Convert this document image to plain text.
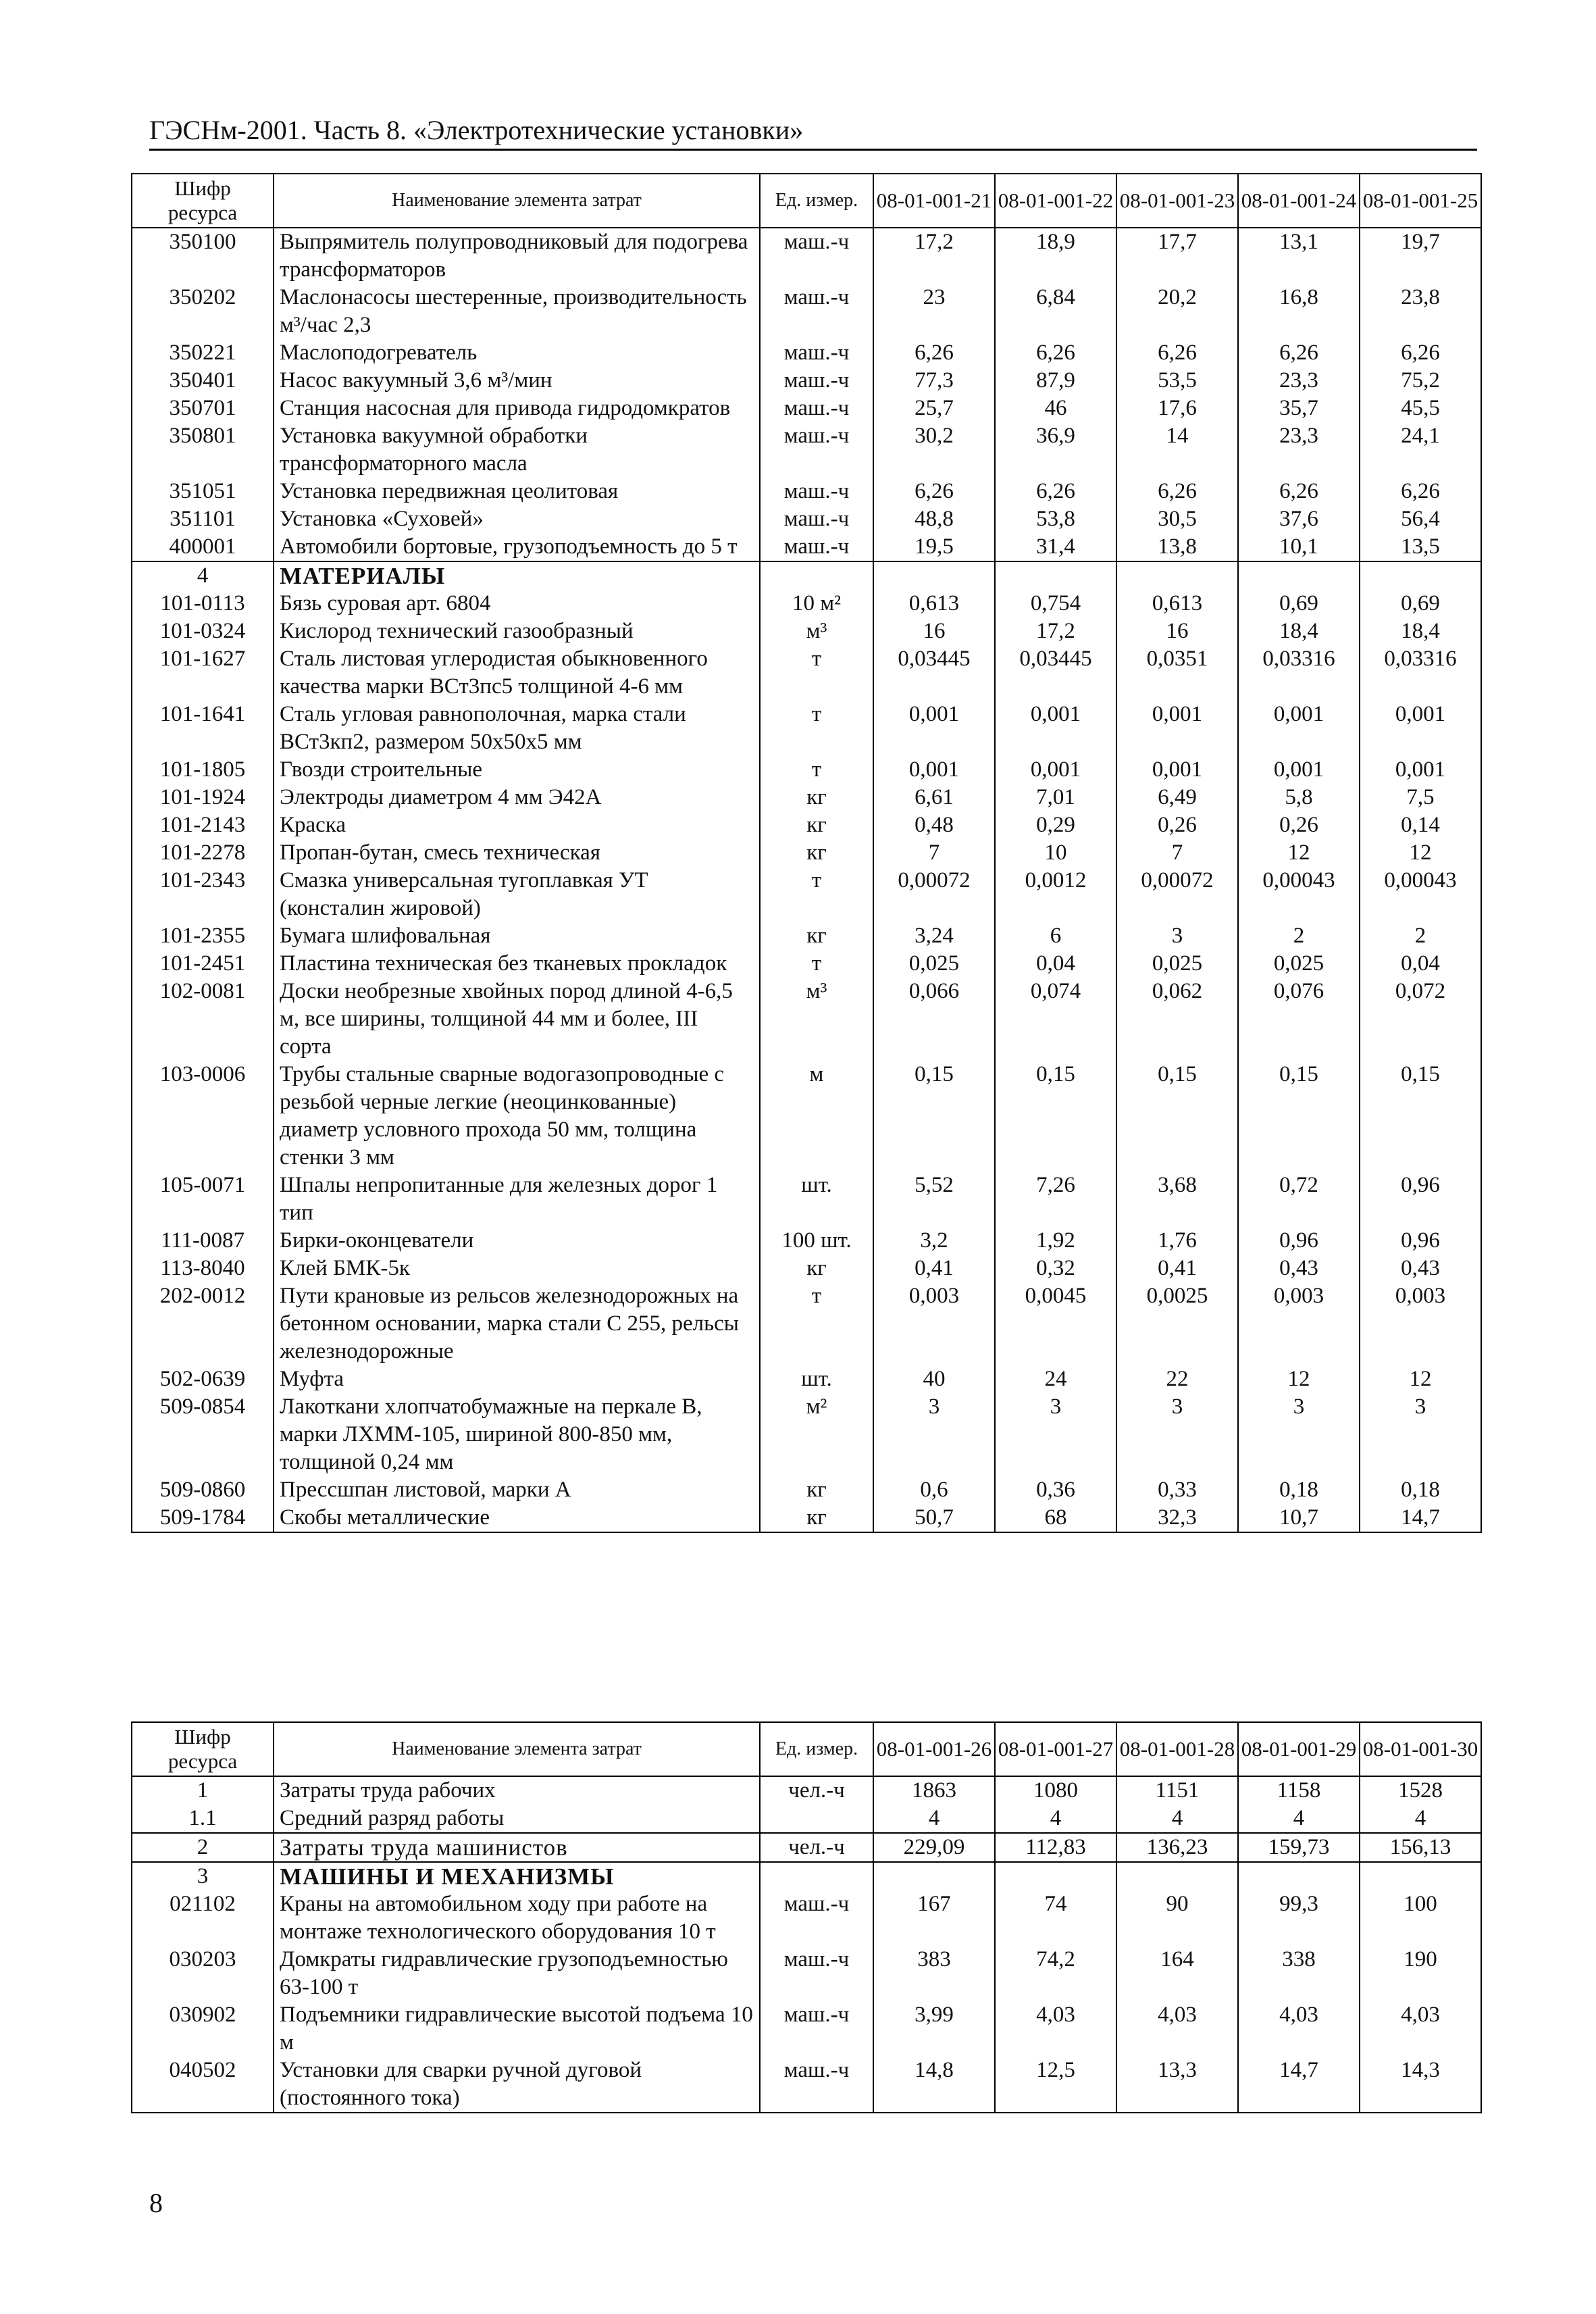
ГЭСНм-2001. Часть 8. «Электротехнические установки»
Шифр ресурса	Наименование элемента затрат	Ед. измер.	08-01-001-21	08-01-001-22	08-01-001-23	08-01-001-24	08-01-001-25
350100	Выпрямитель полупроводниковый для подогрева трансформаторов	маш.-ч	17,2	18,9	17,7	13,1	19,7
350202	Маслонасосы шестеренные, производительность м³/час 2,3	маш.-ч	23	6,84	20,2	16,8	23,8
350221	Маслоподогреватель	маш.-ч	6,26	6,26	6,26	6,26	6,26
350401	Насос вакуумный 3,6 м³/мин	маш.-ч	77,3	87,9	53,5	23,3	75,2
350701	Станция насосная для привода гидродомкратов	маш.-ч	25,7	46	17,6	35,7	45,5
350801	Установка вакуумной обработки трансформаторного масла	маш.-ч	30,2	36,9	14	23,3	24,1
351051	Установка передвижная цеолитовая	маш.-ч	6,26	6,26	6,26	6,26	6,26
351101	Установка «Суховей»	маш.-ч	48,8	53,8	30,5	37,6	56,4
400001	Автомобили бортовые, грузоподъемность до 5 т	маш.-ч	19,5	31,4	13,8	10,1	13,5
4	МАТЕРИАЛЫ						
101-0113	Бязь суровая арт. 6804	10 м²	0,613	0,754	0,613	0,69	0,69
101-0324	Кислород технический газообразный	м³	16	17,2	16	18,4	18,4
101-1627	Сталь листовая углеродистая обыкновенного качества марки ВСт3пс5 толщиной 4-6 мм	т	0,03445	0,03445	0,0351	0,03316	0,03316
101-1641	Сталь угловая равнополочная, марка стали ВСт3кп2, размером 50x50x5 мм	т	0,001	0,001	0,001	0,001	0,001
101-1805	Гвозди строительные	т	0,001	0,001	0,001	0,001	0,001
101-1924	Электроды диаметром 4 мм Э42А	кг	6,61	7,01	6,49	5,8	7,5
101-2143	Краска	кг	0,48	0,29	0,26	0,26	0,14
101-2278	Пропан-бутан, смесь техническая	кг	7	10	7	12	12
101-2343	Смазка универсальная тугоплавкая УТ (консталин жировой)	т	0,00072	0,0012	0,00072	0,00043	0,00043
101-2355	Бумага шлифовальная	кг	3,24	6	3	2	2
101-2451	Пластина техническая без тканевых прокладок	т	0,025	0,04	0,025	0,025	0,04
102-0081	Доски необрезные хвойных пород длиной 4-6,5 м, все ширины, толщиной 44 мм и более, III сорта	м³	0,066	0,074	0,062	0,076	0,072
103-0006	Трубы стальные сварные водогазопроводные с резьбой черные легкие (неоцинкованные) диаметр условного прохода 50 мм, толщина стенки 3 мм	м	0,15	0,15	0,15	0,15	0,15
105-0071	Шпалы непропитанные для железных дорог 1 тип	шт.	5,52	7,26	3,68	0,72	0,96
111-0087	Бирки-оконцеватели	100 шт.	3,2	1,92	1,76	0,96	0,96
113-8040	Клей БМК-5к	кг	0,41	0,32	0,41	0,43	0,43
202-0012	Пути крановые из рельсов железнодорожных на бетонном основании, марка стали С 255, рельсы железнодорожные	т	0,003	0,0045	0,0025	0,003	0,003
502-0639	Муфта	шт.	40	24	22	12	12
509-0854	Лакоткани хлопчатобумажные на перкале В, марки ЛХММ-105, шириной 800-850 мм, толщиной 0,24 мм	м²	3	3	3	3	3
509-0860	Прессшпан листовой, марки А	кг	0,6	0,36	0,33	0,18	0,18
509-1784	Скобы металлические	кг	50,7	68	32,3	10,7	14,7
Шифр ресурса	Наименование элемента затрат	Ед. измер.	08-01-001-26	08-01-001-27	08-01-001-28	08-01-001-29	08-01-001-30
1	Затраты труда рабочих	чел.-ч	1863	1080	1151	1158	1528
1.1	Средний разряд работы		4	4	4	4	4
2	Затраты труда машинистов	чел.-ч	229,09	112,83	136,23	159,73	156,13
3	МАШИНЫ И МЕХАНИЗМЫ						
021102	Краны на автомобильном ходу при работе на монтаже технологического оборудования 10 т	маш.-ч	167	74	90	99,3	100
030203	Домкраты гидравлические грузоподъемностью 63-100 т	маш.-ч	383	74,2	164	338	190
030902	Подъемники гидравлические высотой подъема 10 м	маш.-ч	3,99	4,03	4,03	4,03	4,03
040502	Установки для сварки ручной дуговой (постоянного тока)	маш.-ч	14,8	12,5	13,3	14,7	14,3
8
